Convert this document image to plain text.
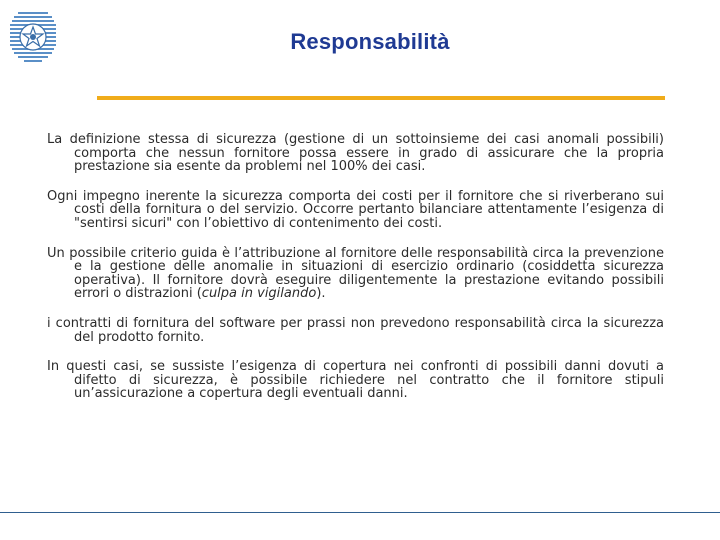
Responsabilità

La definizione stessa di sicurezza (gestione di un sottoinsieme dei casi anomali possibili) comporta che nessun fornitore possa essere in grado di assicurare che la propria prestazione sia esente da problemi nel 100% dei casi.

Ogni impegno inerente la sicurezza comporta dei costi per il fornitore che si riverberano sui costi della fornitura o del servizio. Occorre pertanto bilanciare attentamente l’esigenza di "sentirsi sicuri" con l’obiettivo di contenimento dei costi.

Un possibile criterio guida è l’attribuzione al fornitore delle responsabilità circa la prevenzione e la gestione delle anomalie in situazioni di esercizio ordinario (cosiddetta sicurezza operativa). Il fornitore dovrà eseguire diligentemente la prestazione evitando possibili errori o distrazioni (culpa in vigilando).

i contratti di fornitura del software per prassi non prevedono responsabilità circa la sicurezza del prodotto fornito.

In questi casi, se sussiste l’esigenza di copertura nei confronti di possibili danni dovuti a difetto di sicurezza, è possibile richiedere nel contratto che il fornitore stipuli un’assicurazione a copertura degli eventuali danni.
